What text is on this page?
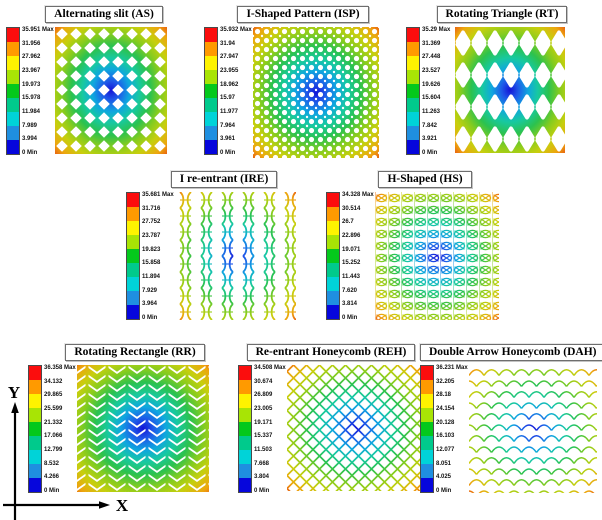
Alternating slit (AS)
35.951 Max
31.956
27.962
23.967
19.973
15.978
11.984
7.989
3.994
0 Min
I-Shaped Pattern (ISP)
35.932 Max
31.94
27.947
23.955
18.962
15.97
11.977
7.964
3.961
0 Min
Rotating Triangle (RT)
35.29 Max
31.369
27.448
23.527
19.626
15.604
11.263
7.842
3.921
0 Min
I re-entrant (IRE)
35.681 Max
31.716
27.752
23.787
19.823
15.858
11.894
7.929
3.964
0 Min
H-Shaped (HS)
34.328 Max
30.514
26.7
22.896
19.071
15.252
11.443
7.620
3.814
0 Min
Rotating Rectangle (RR)
36.358 Max
34.132
29.865
25.599
21.332
17.066
12.799
8.532
4.266
0 Min
Re-entrant Honeycomb (REH)
34.508 Max
30.674
26.809
23.005
19.171
15.337
11.503
7.668
3.804
0 Min
Double Arrow Honeycomb (DAH)
36.231 Max
32.205
28.18
24.154
20.128
16.103
12.077
8.051
4.025
0 Min
Y
X
